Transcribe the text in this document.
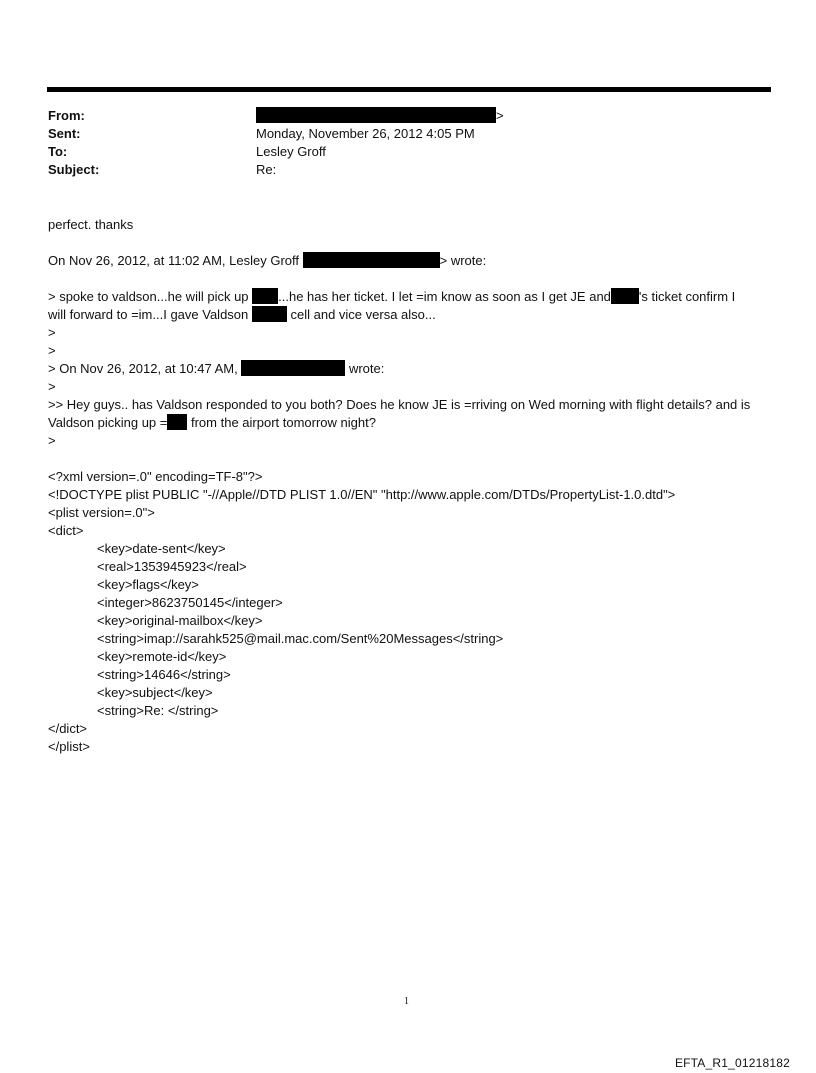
From:	>
Sent:	Monday, November 26, 2012 4:05 PM
To:	Lesley Groff
Subject:	Re:
perfect. thanks
On Nov 26, 2012, at 11:02 AM, Lesley Groff	> wrote:
> spoke to valdson...he will pick up ...he has her ticket. I let =im know as soon as I get JE and 's ticket confirm I
will forward to =im...I gave Valdson	cell and vice versa also...
>
>
> On Nov 26, 2012, at 10:47 AM,	wrote:
>
>> Hey guys.. has Valdson responded to you both? Does he know JE is =rriving on Wed morning with flight details? and is
Valdson picking up = from the airport tomorrow night?
>
<?xml version=.0" encoding=TF-8"?>
<!DOCTYPE plist PUBLIC "-//Apple//DTD PLIST 1.0//EN" "http://www.apple.com/DTDs/PropertyList-1.0.dtd">
<plist version=.0">
<dict>
<key>date-sent</key>
<real>1353945923</real>
<key>flags</key>
<integer>8623750145</integer>
<key>original-mailbox</key>
<string>imap://sarahk525@mail.mac.com/Sent%20Messages</string>
<key>remote-id</key>
<string>14646</string>
<key>subject</key>
<string>Re: </string>
</dict>
</plist>
1
EFTA_R1_01218182
